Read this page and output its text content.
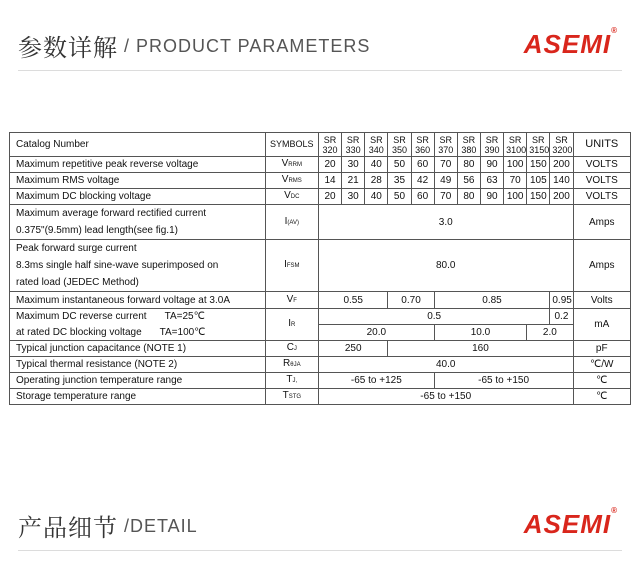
参数详解 / PRODUCT PARAMETERS	ASEMI®
Catalog Number	SYMBOLS	SR 320	SR 330	SR 340	SR 350	SR 360	SR 370	SR 380	SR 390	SR 3100	SR 3150	SR 3200	UNITS
Maximum repetitive peak reverse voltage	VRRM	20	30	40	50	60	70	80	90	100	150	200	VOLTS
Maximum RMS voltage	VRMS	14	21	28	35	42	49	56	63	70	105	140	VOLTS
Maximum DC blocking voltage	VDC	20	30	40	50	60	70	80	90	100	150	200	VOLTS

Maximum average forward rectified current
0.375"(9.5mm) lead length(see fig.1)	I(AV)	3.0											Amps

Peak forward surge current
8.3ms single half sine-wave superimposed on
rated load (JEDEC Method)	IFSM	80.0											Amps
Maximum instantaneous forward voltage at 3.0A	VF	0.55			0.70		0.85					0.95	Volts
Maximum DC reverse current TA=25℃	IR	0.5										0.2	mA
at rated DC blocking voltage TA=100℃		20.0					10.0				2.0		
Typical junction capacitance (NOTE 1)	CJ	250			160								pF
Typical thermal resistance (NOTE 2)	RθJA	40.0											℃/W
Operating junction temperature range	TJ,	-65 to +125					-65 to +150						℃
Storage temperature range	TSTG	-65 to +150											℃
产品细节 /DETAIL	ASEMI®
